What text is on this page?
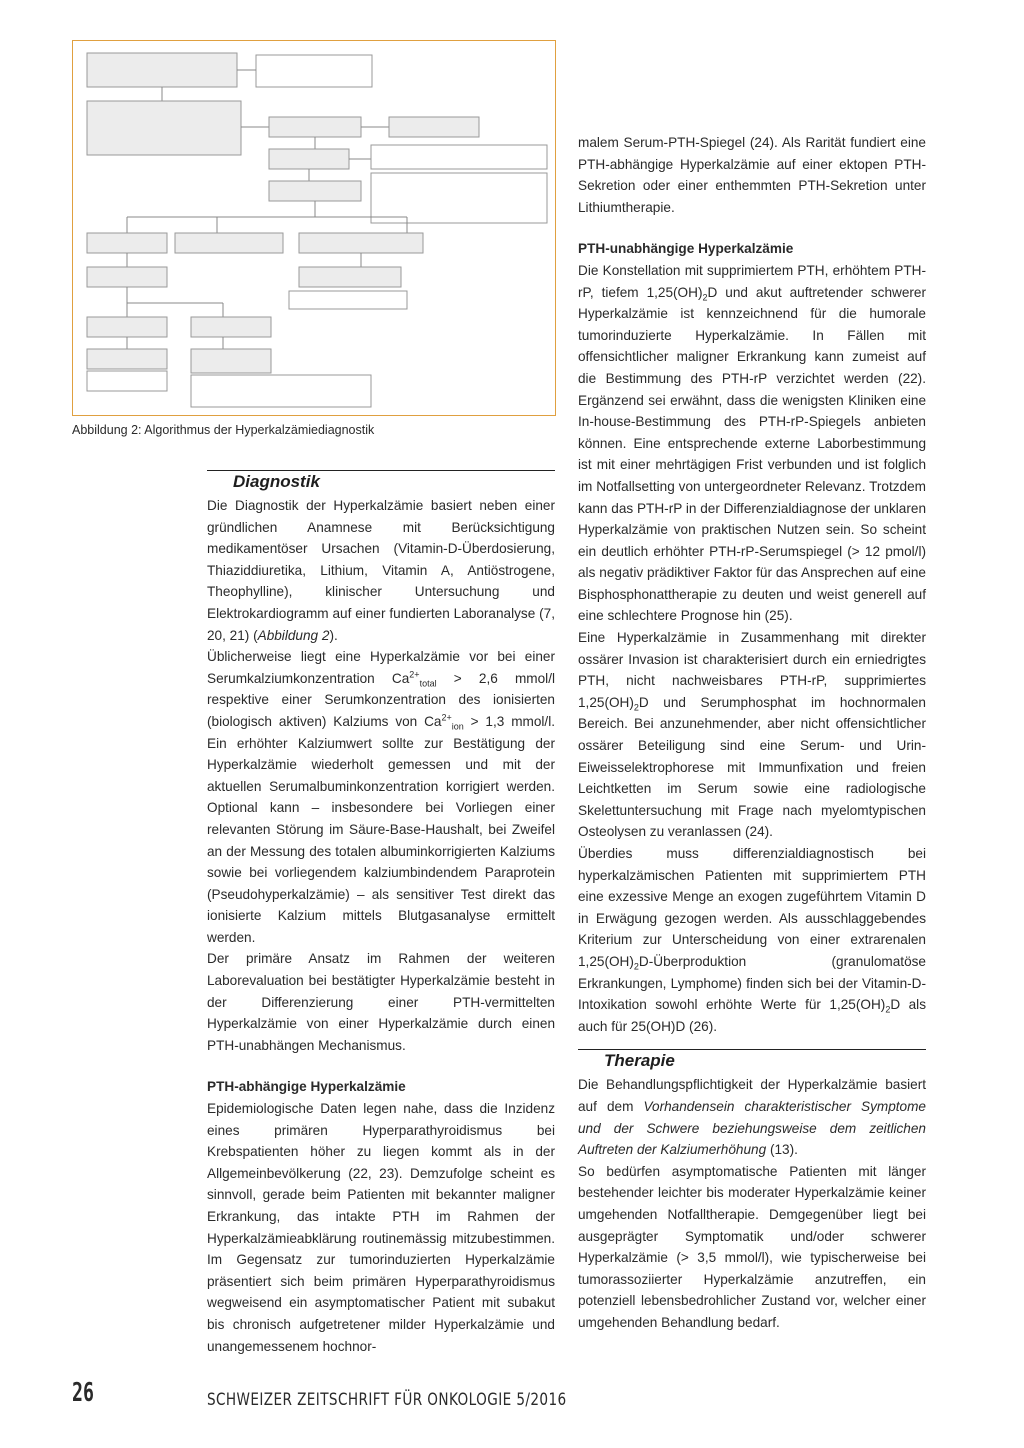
Abbildung 2: Algorithmus der Hyperkalzämiediagnostik
Diagnostik

Die Diagnostik der Hyperkalzämie basiert neben einer gründlichen Anamnese mit Berücksichtigung medikamentöser Ursachen (Vitamin-D-Überdosierung, Thiaziddiuretika, Lithium, Vitamin A, Antiöstrogene, Theophylline), klinischer Untersuchung und Elektrokardiogramm auf einer fundierten Laboranalyse (7, 20, 21) (Abbildung 2).

Üblicherweise liegt eine Hyperkalzämie vor bei einer Serumkalziumkonzentration $Ca^{2+}_{total} > 2,6$ mmol/l respektive einer Serumkonzentration des ionisierten (biologisch aktiven) Kalziums von $Ca^{2+}_{ion} > 1,3$ mmol/l. Ein erhöhter Kalziumwert sollte zur Bestätigung der Hyperkalzämie wiederholt gemessen und mit der aktuellen Serumalbuminkonzentration korrigiert werden. Optional kann – insbesondere bei Vorliegen einer relevanten Störung im Säure-Base-Haushalt, bei Zweifel an der Messung des totalen albuminkorrigierten Kalziums sowie bei vorliegendem kalziumbindendem Paraprotein (Pseudohyperkalzämie) – als sensitiver Test direkt das ionisierte Kalzium mittels Blutgasanalyse ermittelt werden.

Der primäre Ansatz im Rahmen der weiteren Laborevaluation bei bestätigter Hyperkalzämie besteht in der Differenzierung einer PTH-vermittelten Hyperkalzämie von einer Hyperkalzämie durch einen PTH-unabhängen Mechanismus.

PTH-abhängige Hyperkalzämie

Epidemiologische Daten legen nahe, dass die Inzidenz eines primären Hyperparathyroidismus bei Krebspatienten höher zu liegen kommt als in der Allgemeinbevölkerung (22, 23). Demzufolge scheint es sinnvoll, gerade beim Patienten mit bekannter maligner Erkrankung, das intakte PTH im Rahmen der Hyperkalzämieabklärung routinemässig mitzubestimmen. Im Gegensatz zur tumorinduzierten Hyperkalzämie präsentiert sich beim primären Hyperparathyroidismus wegweisend ein asymptomatischer Patient mit subakut bis chronisch aufgetretener milder Hyperkalzämie und unangemessenem hochnor-

malem Serum-PTH-Spiegel (24). Als Rarität fundiert eine PTH-abhängige Hyperkalzämie auf einer ektopen PTH-Sekretion oder einer enthemmten PTH-Sekretion unter Lithiumtherapie.

PTH-unabhängige Hyperkalzämie

Die Konstellation mit supprimiertem PTH, erhöhtem PTH-rP, tiefem $1,25(OH)_2D$ und akut auftretender schwerer Hyperkalzämie ist kennzeichnend für die humorale tumorinduzierte Hyperkalzämie. In Fällen mit offensichtlicher maligner Erkrankung kann zumeist auf die Bestimmung des PTH-rP verzichtet werden (22). Ergänzend sei erwähnt, dass die wenigsten Kliniken eine In-house-Bestimmung des PTH-rP-Spiegels anbieten können. Eine entsprechende externe Laborbestimmung ist mit einer mehrtägigen Frist verbunden und ist folglich im Notfallsetting von untergeordneter Relevanz. Trotzdem kann das PTH-rP in der Differenzialdiagnose der unklaren Hyperkalzämie von praktischen Nutzen sein. So scheint ein deutlich erhöhter PTH-rP-Serumspiegel (> 12 pmol/l) als negativ prädiktiver Faktor für das Ansprechen auf eine Bisphosphonattherapie zu deuten und weist generell auf eine schlechtere Prognose hin (25).

Eine Hyperkalzämie in Zusammenhang mit direkter ossärer Invasion ist charakterisiert durch ein erniedrigtes PTH, nicht nachweisbares PTH-rP, supprimiertes $1,25(OH)_2D$ und Serumphosphat im hochnormalen Bereich. Bei anzunehmender, aber nicht offensichtlicher ossärer Beteiligung sind eine Serum- und Urin-Eiweisselektrophorese mit Immunfixation und freien Leichtketten im Serum sowie eine radiologische Skelettuntersuchung mit Frage nach myelomtypischen Osteolysen zu veranlassen (24).

Überdies muss differenzialdiagnostisch bei hyperkalzämischen Patienten mit supprimiertem PTH eine exzessive Menge an exogen zugeführtem Vitamin D in Erwägung gezogen werden. Als ausschlaggebendes Kriterium zur Unterscheidung von einer extrarenalen $1,25(OH)_2D$-Überproduktion (granulomatöse Erkrankungen, Lymphome) finden sich bei der Vitamin-D-Intoxikation sowohl erhöhte Werte für $1,25(OH)_2D$ als auch für 25(OH)D (26).

Therapie

Die Behandlungspflichtigkeit der Hyperkalzämie basiert auf dem Vorhandensein charakteristischer Symptome und der Schwere beziehungsweise dem zeitlichen Auftreten der Kalziumerhöhung (13).

So bedürfen asymptomatische Patienten mit länger bestehender leichter bis moderater Hyperkalzämie keiner umgehenden Notfalltherapie. Demgegenüber liegt bei ausgeprägter Symptomatik und/oder schwerer Hyperkalzämie (> 3,5 mmol/l), wie typischerweise bei tumorassoziierter Hyperkalzämie anzutreffen, ein potenziell lebensbedrohlicher Zustand vor, welcher einer umgehenden Behandlung bedarf.

26	SCHWEIZER ZEITSCHRIFT FÜR ONKOLOGIE 5/2016
